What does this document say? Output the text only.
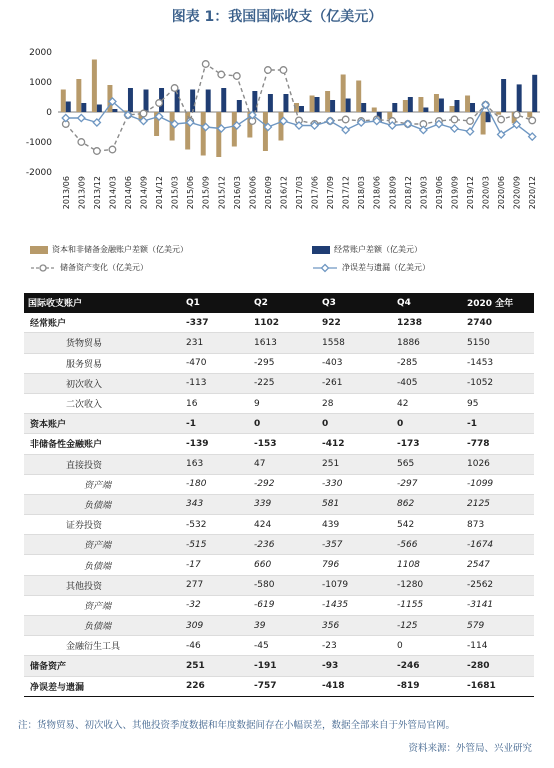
图表 1：我国国际收支（亿美元）
2000
1000
0
-1000
-2000
2013/06 2013/09 2013/12 2014/03 2014/06 2014/09 2014/12 2015/03 2015/06 2015/09 2015/12 2016/03 2016/06 2016/09 2016/12 2017/03 2017/06 2017/09 2017/12 2018/03 2018/06 2018/09 2018/12 2019/03 2019/06 2019/09 2019/12 2020/03 2020/06 2020/09 2020/12
资本和非储备金融账户差额（亿美元）	经常账户差额（亿美元）
储备资产变化（亿美元）	净误差与遗漏（亿美元）
国际收支账户	Q1	Q2	Q3	Q4	2020 全年
经常账户	-337	1102	922	1238	2740
货物贸易	231	1613	1558	1886	5150
服务贸易	-470	-295	-403	-285	-1453
初次收入	-113	-225	-261	-405	-1052
二次收入	16	9	28	42	95
资本账户	-1	0	0	0	-1
非储备性金融账户	-139	-153	-412	-173	-778
直接投资	163	47	251	565	1026
资产端	-180	-292	-330	-297	-1099
负债端	343	339	581	862	2125
证券投资	-532	424	439	542	873
资产端	-515	-236	-357	-566	-1674
负债端	-17	660	796	1108	2547
其他投资	277	-580	-1079	-1280	-2562
资产端	-32	-619	-1435	-1155	-3141
负债端	309	39	356	-125	579
金融衍生工具	-46	-45	-23	0	-114
储备资产	251	-191	-93	-246	-280
净误差与遗漏	226	-757	-418	-819	-1681
注：货物贸易、初次收入、其他投资季度数据和年度数据间存在小幅误差，数据全部来自于外管局官网。
资料来源：外管局、兴业研究
